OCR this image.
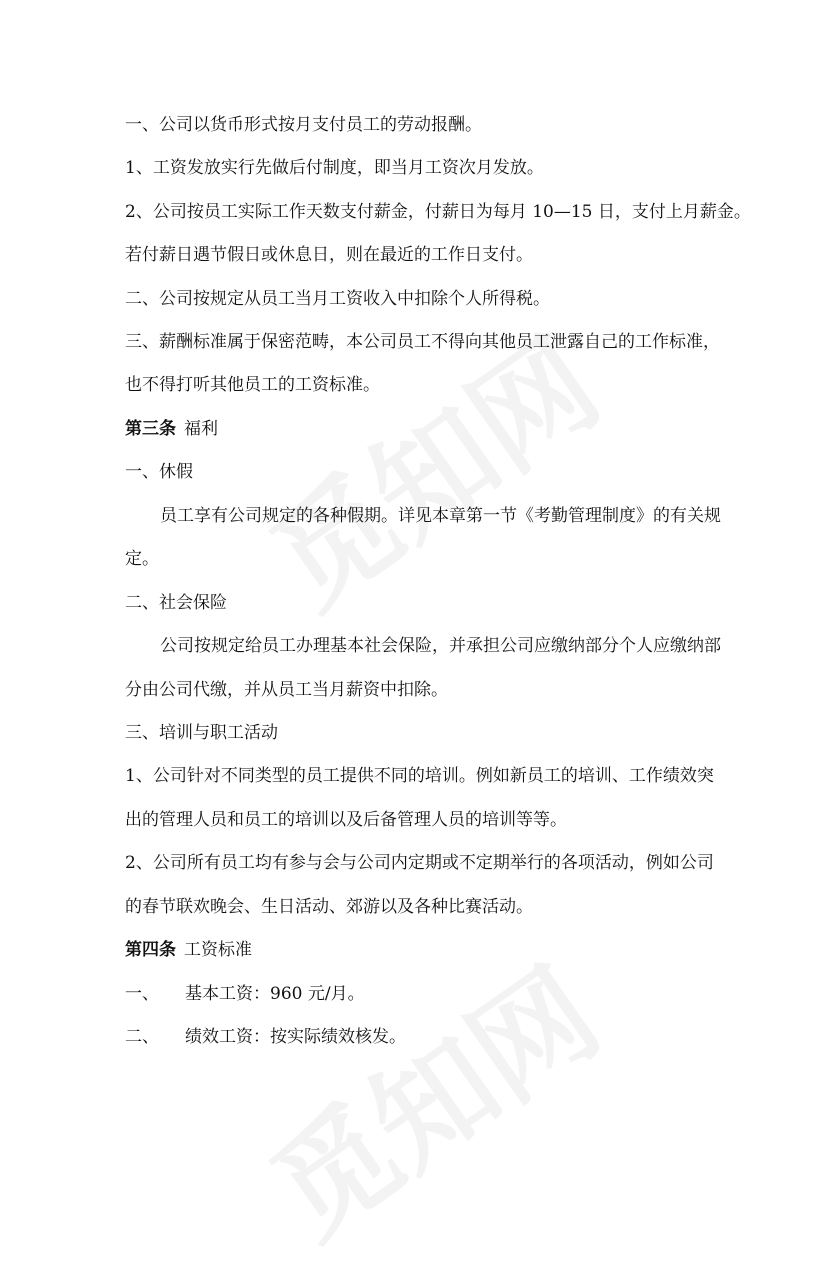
一、公司以货币形式按月支付员工的劳动报酬。
1、工资发放实行先做后付制度，即当月工资次月发放。
2、公司按员工实际工作天数支付薪金，付薪日为每月 10—15 日，支付上月薪金。
若付薪日遇节假日或休息日，则在最近的工作日支付。
二、公司按规定从员工当月工资收入中扣除个人所得税。
三、薪酬标准属于保密范畴，本公司员工不得向其他员工泄露自己的工作标准，
也不得打听其他员工的工资标准。
第三条 福利
一、休假
员工享有公司规定的各种假期。详见本章第一节《考勤管理制度》的有关规
定。
二、社会保险
公司按规定给员工办理基本社会保险，并承担公司应缴纳部分个人应缴纳部
分由公司代缴，并从员工当月薪资中扣除。
三、培训与职工活动
1、公司针对不同类型的员工提供不同的培训。例如新员工的培训、工作绩效突
出的管理人员和员工的培训以及后备管理人员的培训等等。
2、公司所有员工均有参与会与公司内定期或不定期举行的各项活动，例如公司
的春节联欢晚会、生日活动、郊游以及各种比赛活动。
第四条 工资标准
一、 基本工资：960 元/月。
二、 绩效工资：按实际绩效核发。
